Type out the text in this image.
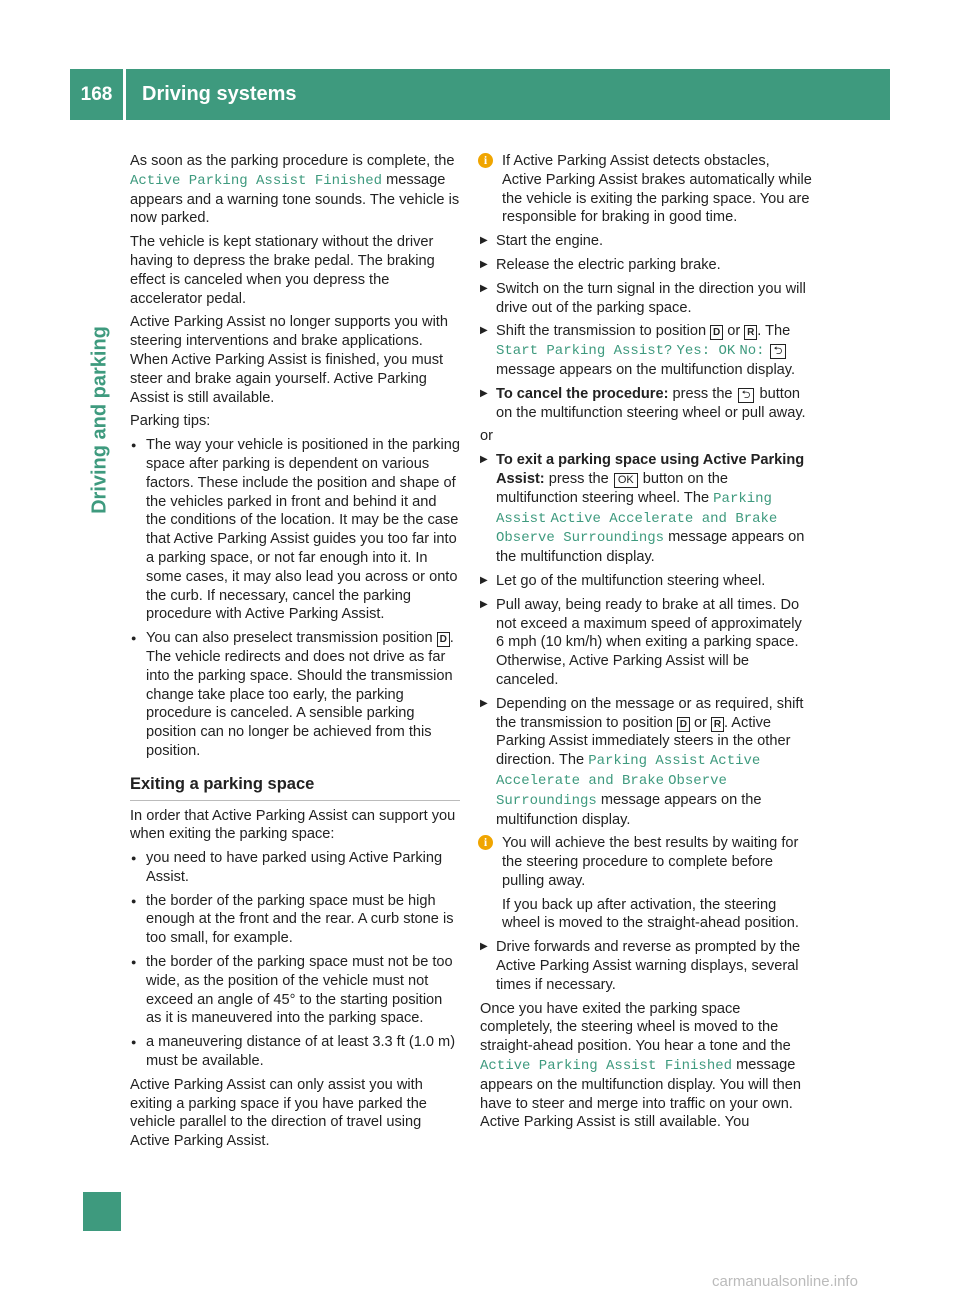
168	Driving systems
Driving and parking

As soon as the parking procedure is complete, the Active Parking Assist Finished message appears and a warning tone sounds. The vehicle is now parked.

The vehicle is kept stationary without the driver having to depress the brake pedal. The braking effect is canceled when you depress the accelerator pedal.

Active Parking Assist no longer supports you with steering interventions and brake applications. When Active Parking Assist is finished, you must steer and brake again yourself. Active Parking Assist is still available.

Parking tips:

● The way your vehicle is positioned in the parking space after parking is dependent on various factors. These include the position and shape of the vehicles parked in front and behind it and the conditions of the location. It may be the case that Active Parking Assist guides you too far into a parking space, or not far enough into it. In some cases, it may also lead you across or onto the curb. If necessary, cancel the parking procedure with Active Parking Assist.
● You can also preselect transmission position D . The vehicle redirects and does not drive as far into the parking space. Should the transmission change take place too early, the parking procedure is canceled. A sensible parking position can no longer be achieved from this position.
Exiting a parking space

In order that Active Parking Assist can support you when exiting the parking space:

● you need to have parked using Active Parking Assist.
● the border of the parking space must be high enough at the front and the rear. A curb stone is too small, for example.
● the border of the parking space must not be too wide, as the position of the vehicle must not exceed an angle of 45° to the starting position as it is maneuvered into the parking space.
● a maneuvering distance of at least 3.3 ft (1.0 m) must be available.

Active Parking Assist can only assist you with exiting a parking space if you have parked the vehicle parallel to the direction of travel using Active Parking Assist.

i	If Active Parking Assist detects obstacles, Active Parking Assist brakes automatically while the vehicle is exiting the parking space. You are responsible for braking in good time.
▶ Start the engine.
▶ Release the electric parking brake.
▶ Switch on the turn signal in the direction you will drive out of the parking space.
▶ Shift the transmission to position D or R . The Start Parking Assist? Yes: OK No: ⮌ message appears on the multifunction display.
▶ To cancel the procedure: press the ⮌ button on the multifunction steering wheel or pull away.

or

▶ To exit a parking space using Active Parking Assist: press the OK button on the multifunction steering wheel. The Parking Assist Active Accelerate and Brake Observe Surroundings message appears on the multifunction display.
▶ Let go of the multifunction steering wheel.
▶ Pull away, being ready to brake at all times. Do not exceed a maximum speed of approximately 6 mph (10 km/h) when exiting a parking space. Otherwise, Active Parking Assist will be canceled.
▶ Depending on the message or as required, shift the transmission to position D or R . Active Parking Assist immediately steers in the other direction. The Parking Assist Active Accelerate and Brake Observe Surroundings message appears on the multifunction display.
i	You will achieve the best results by waiting for the steering procedure to complete before pulling away.

If you back up after activation, the steering wheel is moved to the straight-ahead position.

▶ Drive forwards and reverse as prompted by the Active Parking Assist warning displays, several times if necessary.

Once you have exited the parking space completely, the steering wheel is moved to the straight-ahead position. You hear a tone and the Active Parking Assist Finished message appears on the multifunction display. You will then have to steer and merge into traffic on your own. Active Parking Assist is still available. You

carmanualsonline.info
